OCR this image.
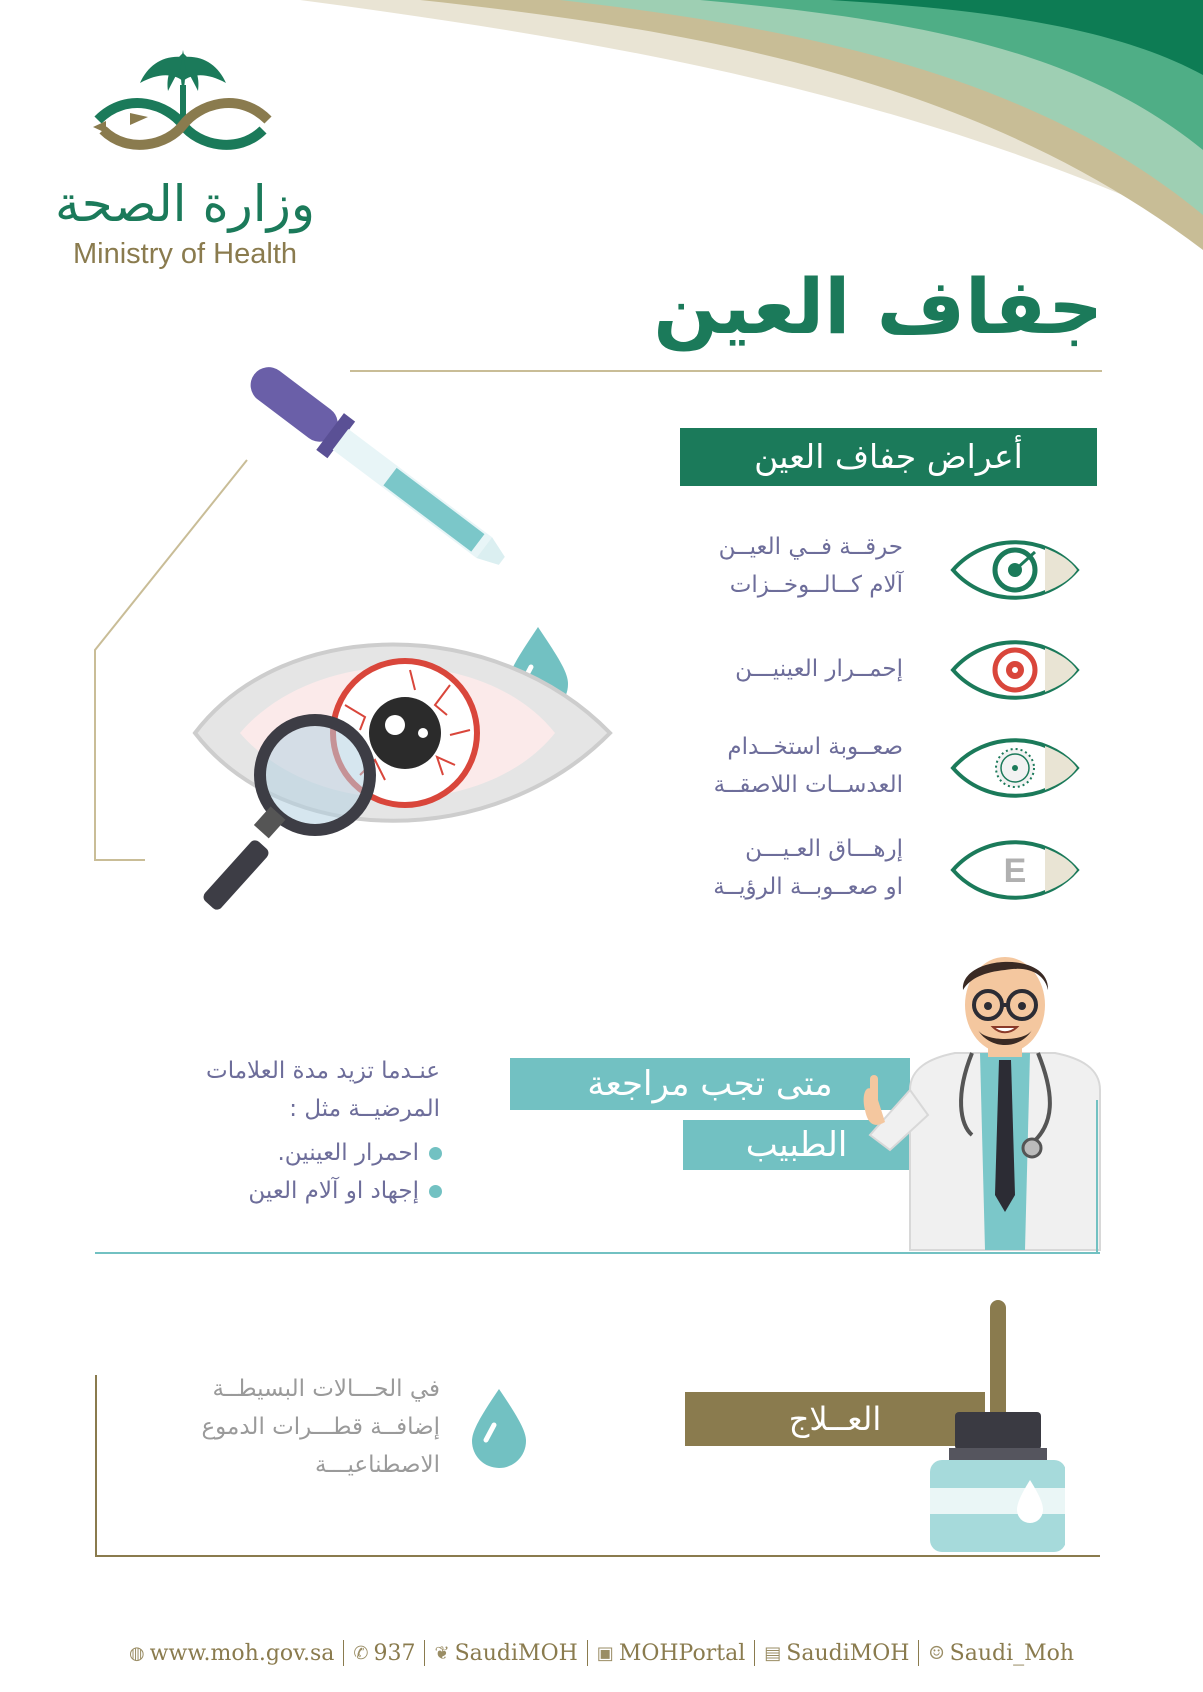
وزارة الصحة
Ministry of Health
جفاف العين
أعراض جفاف العين
حرقــة فــي العيــن
آلام كــالــوخــزات
إحمــرار العينيـــن
صعــوبة استخــدام
العدســات اللاصقــة
إرهـــاق العـيـــن
او صعــوبــة الرؤيــة	E
عنـدما تزيد مدة العلامات
المرضيــة مثل :
احمرار العينين.
إجهاد او آلام العين
متى تجب مراجعة
الطبيب
في الحـــالات البسيطــة
إضافــة قطـــرات الدموع
الاصطناعيـــة
العــلاج
◍ www.moh.gov.sa ✆ 937 ❦ SaudiMOH ▣ MOHPortal ▤ SaudiMOH ☺ Saudi_Moh
